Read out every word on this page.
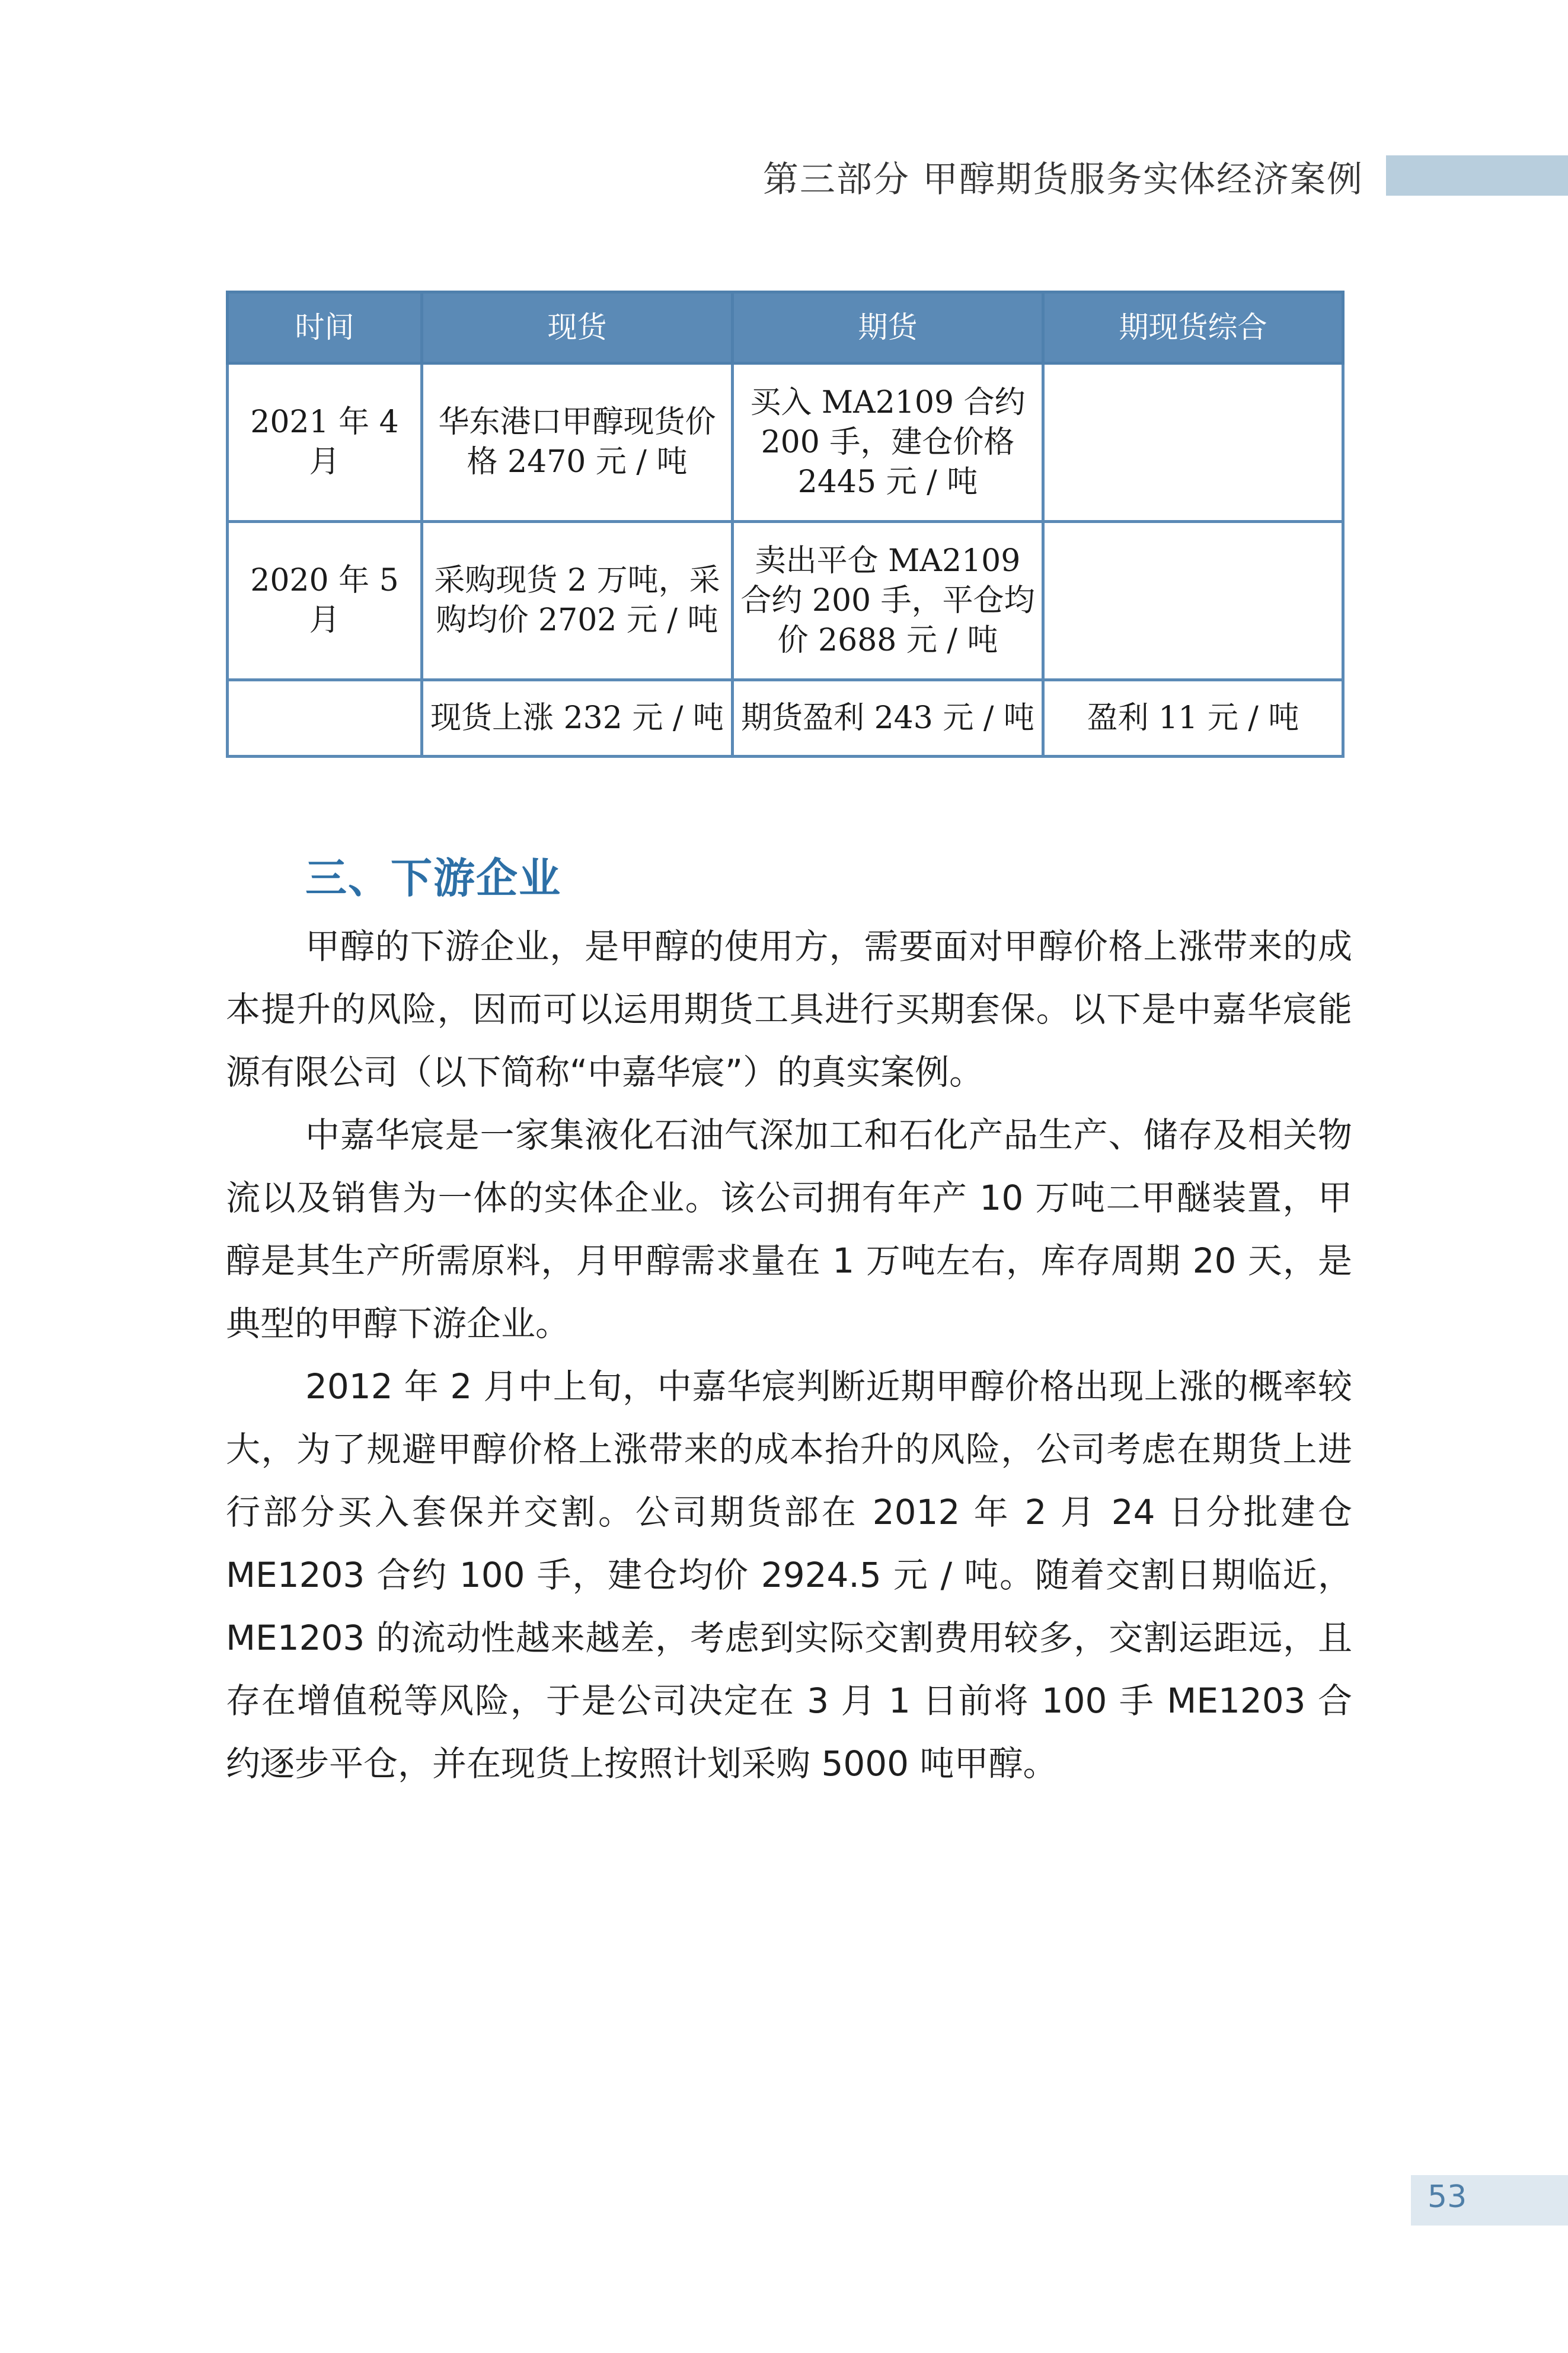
第三部分 甲醇期货服务实体经济案例
时间	现货	期货	期现货综合
2021 年 4 月	华东港口甲醇现货价格 2470 元 / 吨	买入 MA2109 合约 200 手，建仓价格 2445 元 / 吨	
2020 年 5 月	采购现货 2 万吨，采购均价 2702 元 / 吨	卖出平仓 MA2109 合约 200 手，平仓均价 2688 元 / 吨	
	现货上涨 232 元 / 吨	期货盈利 243 元 / 吨	盈利 11 元 / 吨
三、下游企业

甲醇的下游企业，是甲醇的使用方，需要面对甲醇价格上涨带来的成本提升的风险，因而可以运用期货工具进行买期套保。以下是中嘉华宸能源有限公司（以下简称“中嘉华宸”）的真实案例。

中嘉华宸是一家集液化石油气深加工和石化产品生产、储存及相关物流以及销售为一体的实体企业。该公司拥有年产 10 万吨二甲醚装置，甲醇是其生产所需原料，月甲醇需求量在 1 万吨左右，库存周期 20 天，是典型的甲醇下游企业。

2012 年 2 月中上旬，中嘉华宸判断近期甲醇价格出现上涨的概率较大，为了规避甲醇价格上涨带来的成本抬升的风险，公司考虑在期货上进行部分买入套保并交割。公司期货部在 2012 年 2 月 24 日分批建仓 ME1203 合约 100 手，建仓均价 2924.5 元 / 吨。随着交割日期临近，ME1203 的流动性越来越差，考虑到实际交割费用较多，交割运距远，且存在增值税等风险，于是公司决定在 3 月 1 日前将 100 手 ME1203 合约逐步平仓，并在现货上按照计划采购 5000 吨甲醇。

53
